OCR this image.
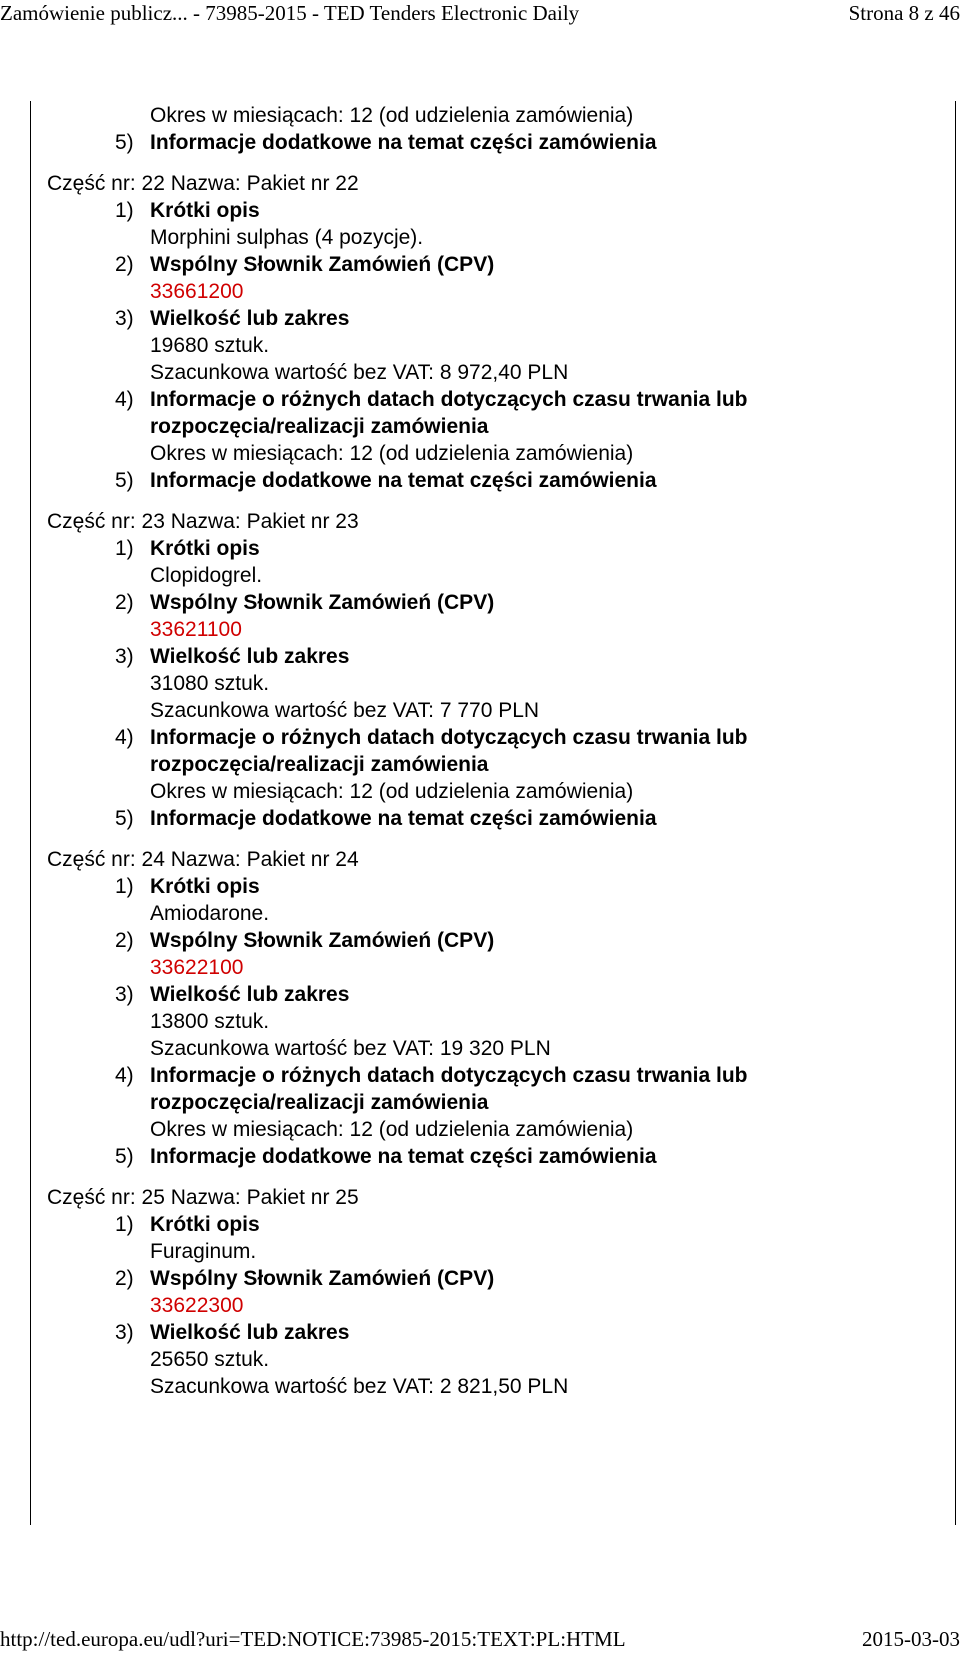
Zamówienie publicz... - 73985-2015 - TED Tenders Electronic Daily	Strona 8 z 46
Okres w miesiącach: 12 (od udzielenia zamówienia)
5) Informacje dodatkowe na temat części zamówienia
Część nr: 22 Nazwa: Pakiet nr 22
1) Krótki opis
Morphini sulphas (4 pozycje).
2) Wspólny Słownik Zamówień (CPV)
33661200
3) Wielkość lub zakres
19680 sztuk.
Szacunkowa wartość bez VAT: 8 972,40 PLN
4) Informacje o różnych datach dotyczących czasu trwania lub
rozpoczęcia/realizacji zamówienia
Okres w miesiącach: 12 (od udzielenia zamówienia)
5) Informacje dodatkowe na temat części zamówienia
Część nr: 23 Nazwa: Pakiet nr 23
1) Krótki opis
Clopidogrel.
2) Wspólny Słownik Zamówień (CPV)
33621100
3) Wielkość lub zakres
31080 sztuk.
Szacunkowa wartość bez VAT: 7 770 PLN
4) Informacje o różnych datach dotyczących czasu trwania lub
rozpoczęcia/realizacji zamówienia
Okres w miesiącach: 12 (od udzielenia zamówienia)
5) Informacje dodatkowe na temat części zamówienia
Część nr: 24 Nazwa: Pakiet nr 24
1) Krótki opis
Amiodarone.
2) Wspólny Słownik Zamówień (CPV)
33622100
3) Wielkość lub zakres
13800 sztuk.
Szacunkowa wartość bez VAT: 19 320 PLN
4) Informacje o różnych datach dotyczących czasu trwania lub
rozpoczęcia/realizacji zamówienia
Okres w miesiącach: 12 (od udzielenia zamówienia)
5) Informacje dodatkowe na temat części zamówienia
Część nr: 25 Nazwa: Pakiet nr 25
1) Krótki opis
Furaginum.
2) Wspólny Słownik Zamówień (CPV)
33622300
3) Wielkość lub zakres
25650 sztuk.
Szacunkowa wartość bez VAT: 2 821,50 PLN
http://ted.europa.eu/udl?uri=TED:NOTICE:73985-2015:TEXT:PL:HTML	2015-03-03
